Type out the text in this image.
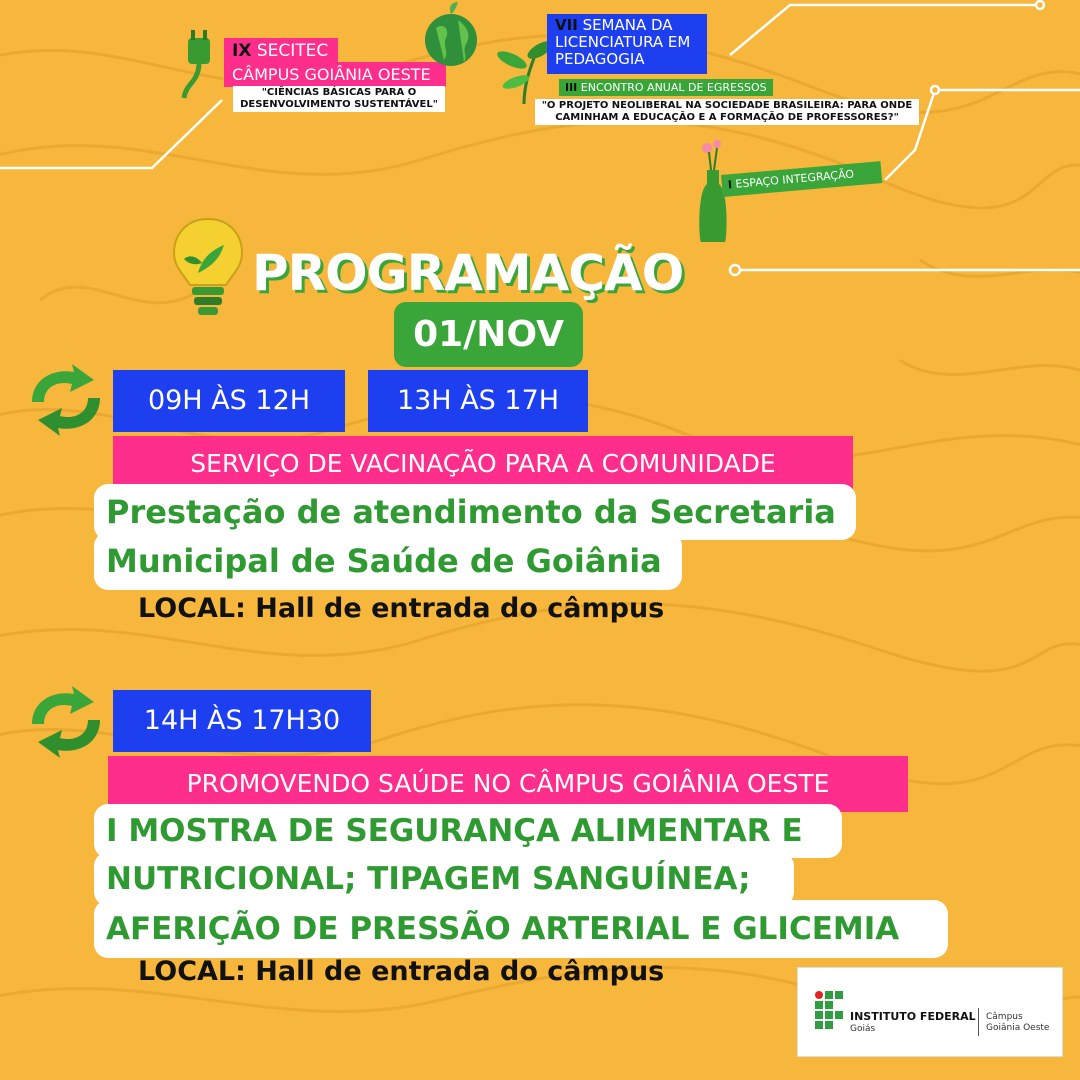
IX SECITEC
CÂMPUS GOIÂNIA OESTE
"CIÊNCIAS BÁSICAS PARA O DESENVOLVIMENTO SUSTENTÁVEL"
VII SEMANA DA
LICENCIATURA EM
PEDAGOGIA
III ENCONTRO ANUAL DE EGRESSOS
"O PROJETO NEOLIBERAL NA SOCIEDADE BRASILEIRA: PARA ONDE
CAMINHAM A EDUCAÇÃO E A FORMAÇÃO DE PROFESSORES?"
I ESPAÇO INTEGRAÇÃO
PROGRAMAÇÃO
01/NOV
09H ÀS 12H	13H ÀS 17H
SERVIÇO DE VACINAÇÃO PARA A COMUNIDADE
Prestação de atendimento da Secretaria
Municipal de Saúde de Goiânia
LOCAL: Hall de entrada do câmpus
14H ÀS 17H30
PROMOVENDO SAÚDE NO CÂMPUS GOIÂNIA OESTE
I MOSTRA DE SEGURANÇA ALIMENTAR E
NUTRICIONAL; TIPAGEM SANGUÍNEA;
AFERIÇÃO DE PRESSÃO ARTERIAL E GLICEMIA
LOCAL: Hall de entrada do câmpus
INSTITUTO FEDERAL
Goiás
Câmpus
Goiânia Oeste
